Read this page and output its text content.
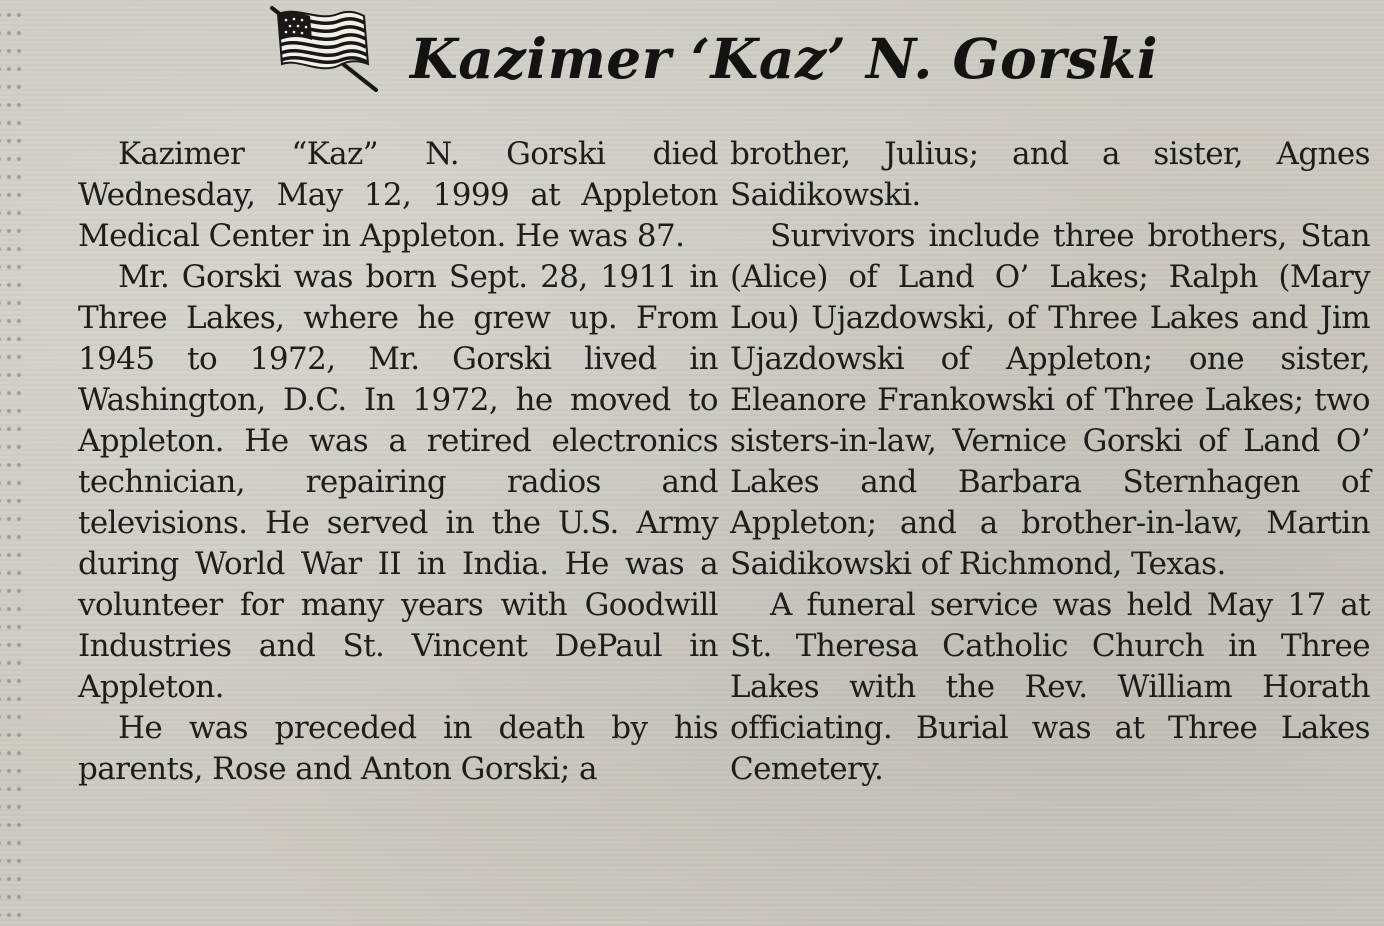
Kazimer ‘Kaz’ N. Gorski

Kazimer “Kaz” N. Gorski died Wednesday, May 12, 1999 at Appleton Medical Center in Appleton. He was 87.

Mr. Gorski was born Sept. 28, 1911 in Three Lakes, where he grew up. From 1945 to 1972, Mr. Gorski lived in Washington, D.C. In 1972, he moved to Appleton. He was a retired electronics technician, repairing radios and televisions. He served in the U.S. Army during World War II in India. He was a volunteer for many years with Goodwill Industries and St. Vincent DePaul in Appleton.

He was preceded in death by his parents, Rose and Anton Gorski; a

brother, Julius; and a sister, Agnes Saidikowski.

Survivors include three brothers, Stan (Alice) of Land O’ Lakes; Ralph (Mary Lou) Ujazdowski, of Three Lakes and Jim Ujazdowski of Appleton; one sister, Eleanore Frankowski of Three Lakes; two sisters-in-law, Vernice Gorski of Land O’ Lakes and Barbara Sternhagen of Appleton; and a brother-in-law, Martin Saidikowski of Richmond, Texas.

A funeral service was held May 17 at St. Theresa Catholic Church in Three Lakes with the Rev. William Horath officiating. Burial was at Three Lakes Cemetery.
